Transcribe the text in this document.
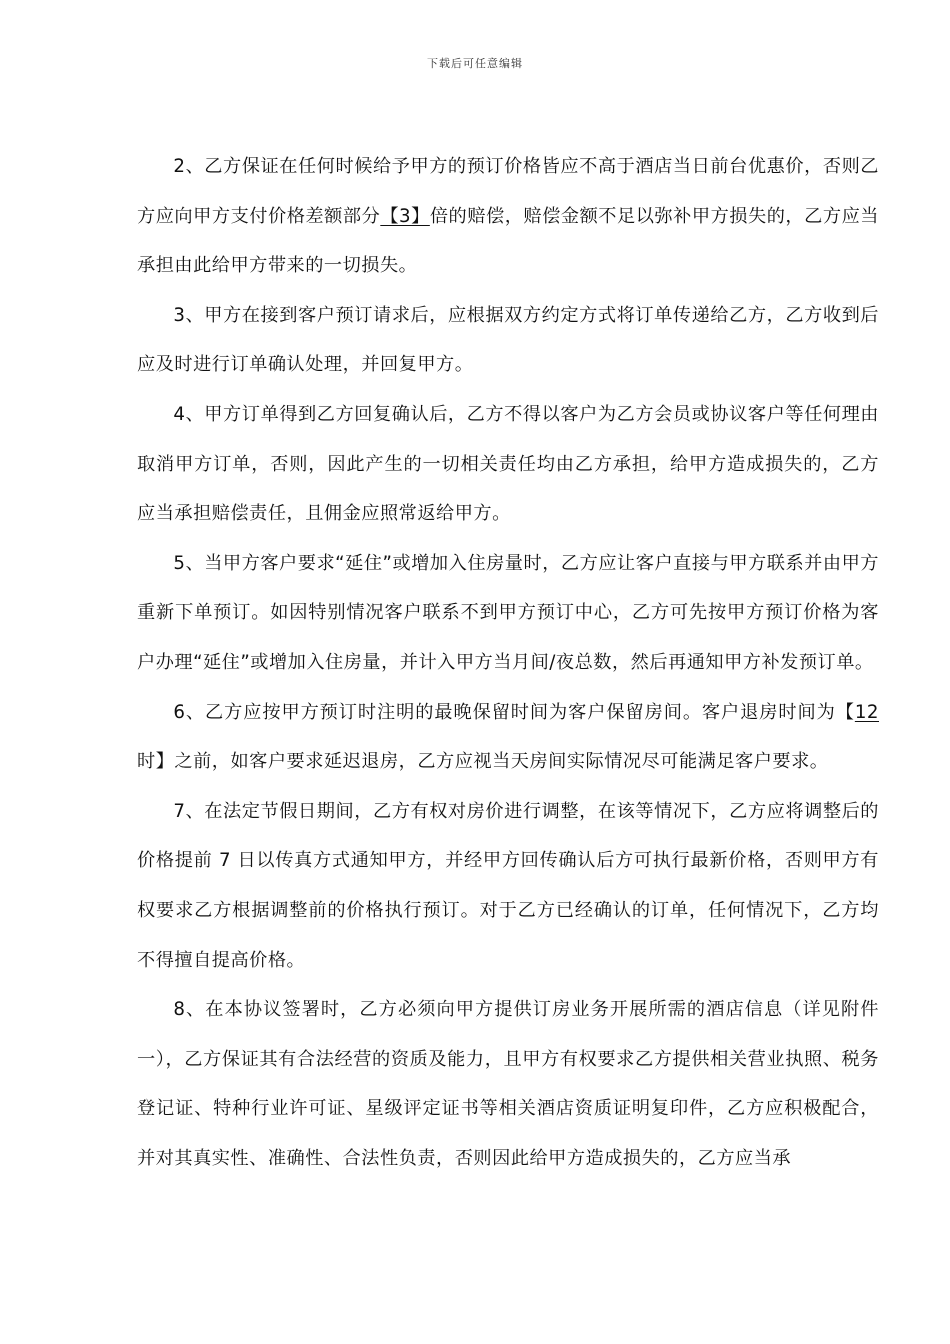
下载后可任意编辑

2、乙方保证在任何时候给予甲方的预订价格皆应不高于酒店当日前台优惠价，否则乙方应向甲方支付价格差额部分【3】倍的赔偿，赔偿金额不足以弥补甲方损失的，乙方应当承担由此给甲方带来的一切损失。

3、甲方在接到客户预订请求后，应根据双方约定方式将订单传递给乙方，乙方收到后应及时进行订单确认处理，并回复甲方。

4、甲方订单得到乙方回复确认后，乙方不得以客户为乙方会员或协议客户等任何理由取消甲方订单，否则，因此产生的一切相关责任均由乙方承担，给甲方造成损失的，乙方应当承担赔偿责任，且佣金应照常返给甲方。

5、当甲方客户要求“延住”或增加入住房量时，乙方应让客户直接与甲方联系并由甲方重新下单预订。如因特别情况客户联系不到甲方预订中心，乙方可先按甲方预订价格为客户办理“延住”或增加入住房量，并计入甲方当月间/夜总数，然后再通知甲方补发预订单。

6、乙方应按甲方预订时注明的最晚保留时间为客户保留房间。客户退房时间为【12时】之前，如客户要求延迟退房，乙方应视当天房间实际情况尽可能满足客户要求。

7、在法定节假日期间，乙方有权对房价进行调整，在该等情况下，乙方应将调整后的价格提前 7 日以传真方式通知甲方，并经甲方回传确认后方可执行最新价格，否则甲方有权要求乙方根据调整前的价格执行预订。对于乙方已经确认的订单，任何情况下，乙方均不得擅自提高价格。

8、在本协议签署时，乙方必须向甲方提供订房业务开展所需的酒店信息（详见附件一），乙方保证其有合法经营的资质及能力，且甲方有权要求乙方提供相关营业执照、税务登记证、特种行业许可证、星级评定证书等相关酒店资质证明复印件，乙方应积极配合，并对其真实性、准确性、合法性负责，否则因此给甲方造成损失的，乙方应当承
